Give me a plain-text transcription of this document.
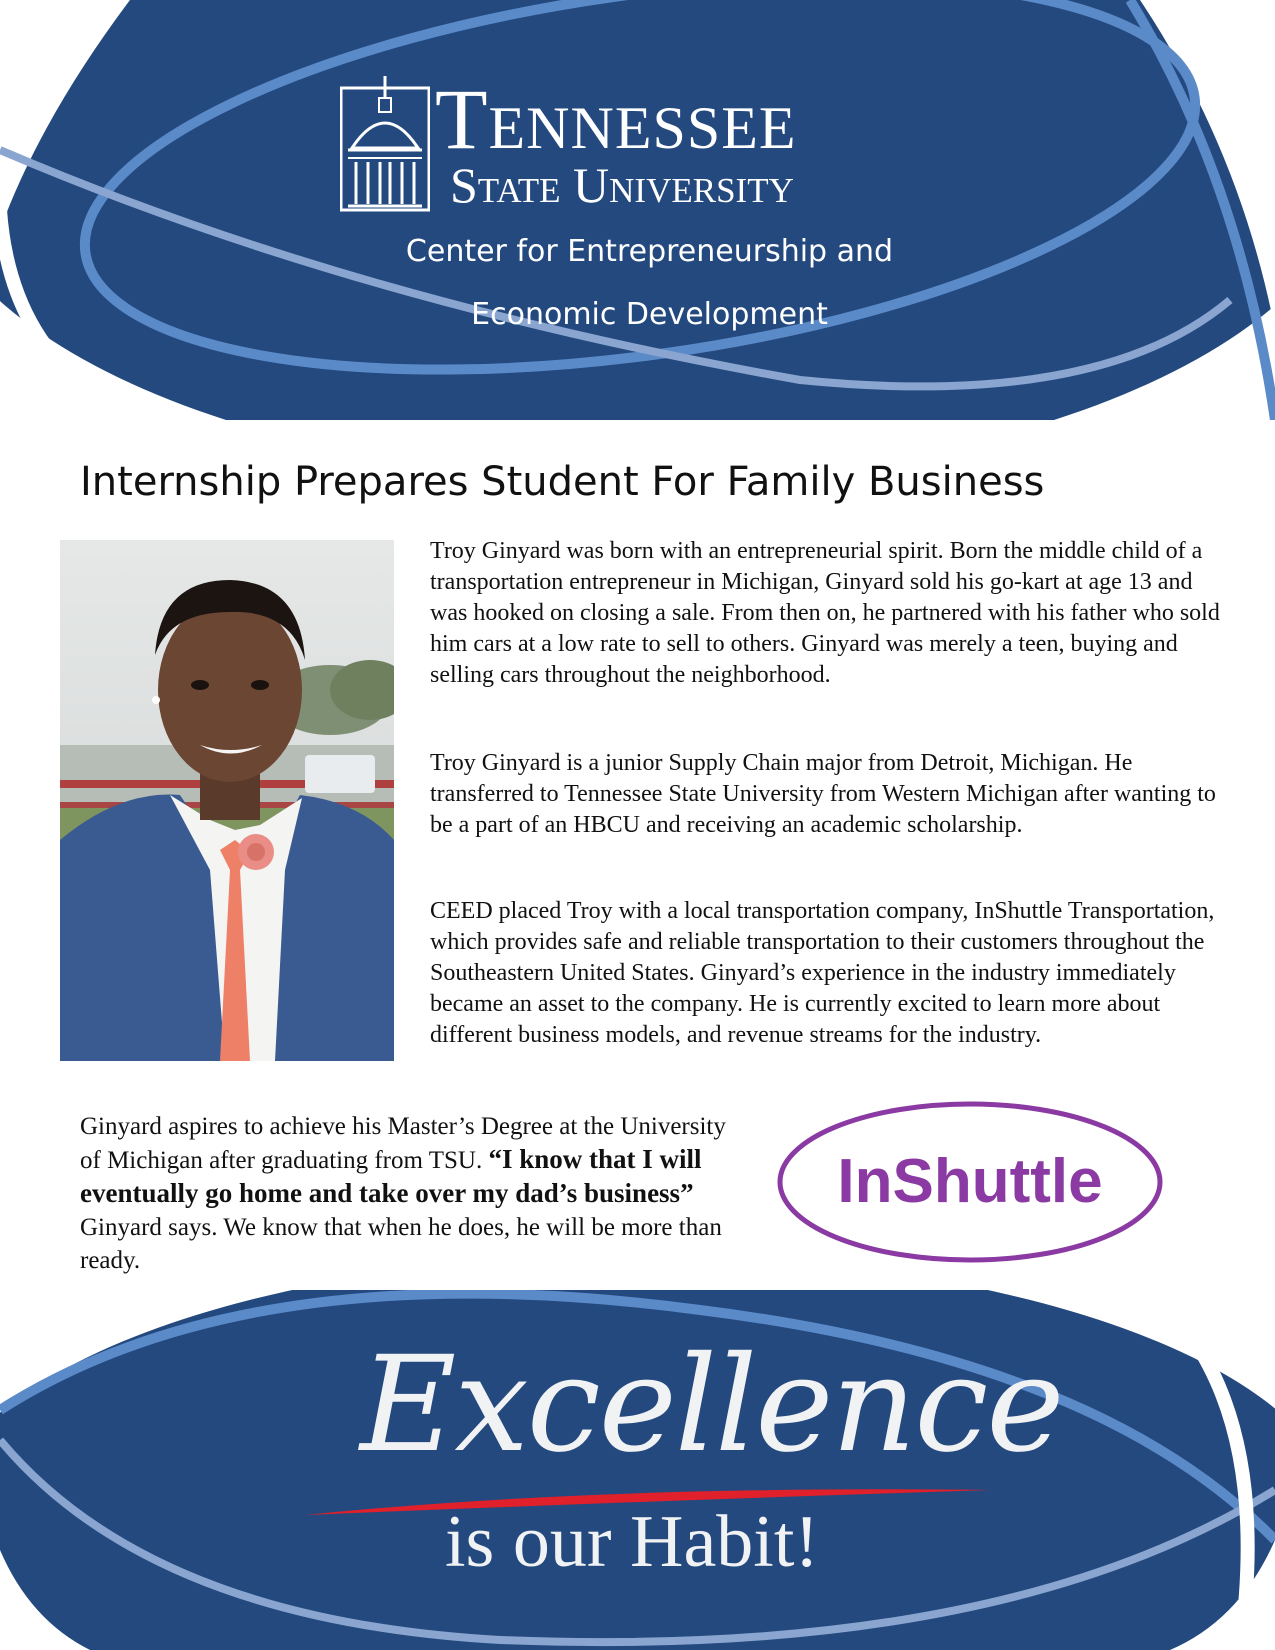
Tennessee
State University
Center for Entrepreneurship and
Economic Development
Internship Prepares Student For Family Business

Troy Ginyard was born with an entrepreneurial spirit. Born the middle child of a transportation entrepreneur in Michigan, Ginyard sold his go-kart at age 13 and was hooked on closing a sale. From then on, he partnered with his father who sold him cars at a low rate to sell to others. Ginyard was merely a teen, buying and selling cars throughout the neighborhood.

Troy Ginyard is a junior Supply Chain major from Detroit, Michigan. He transferred to Tennessee State University from Western Michigan after wanting to be a part of an HBCU and receiving an academic scholarship.

CEED placed Troy with a local transportation company, InShuttle Transportation, which provides safe and reliable transportation to their customers throughout the Southeastern United States. Ginyard’s experience in the industry immediately became an asset to the company. He is currently excited to learn more about different business models, and revenue streams for the industry.

Ginyard aspires to achieve his Master’s Degree at the University of Michigan after graduating from TSU. “I know that I will eventually go home and take over my dad’s business” Ginyard says. We know that when he does, he will be more than ready.

InShuttle
Excellence
is our Habit!
